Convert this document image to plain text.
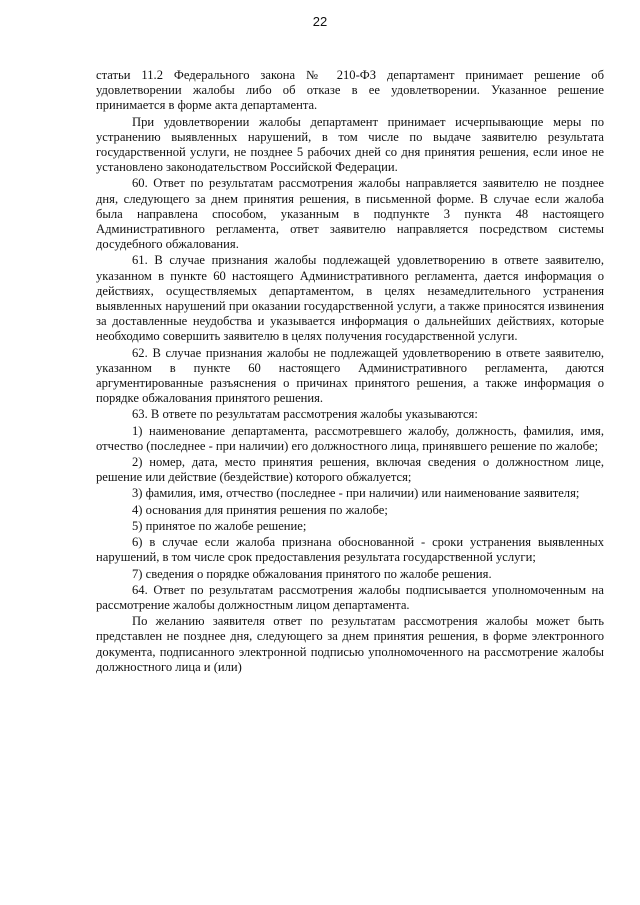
22

статьи 11.2 Федерального закона № 210-ФЗ департамент принимает решение об удовлетворении жалобы либо об отказе в ее удовлетворении. Указанное решение принимается в форме акта департамента.

При удовлетворении жалобы департамент принимает исчерпывающие меры по устранению выявленных нарушений, в том числе по выдаче заявителю результата государственной услуги, не позднее 5 рабочих дней со дня принятия решения, если иное не установлено законодательством Российской Федерации.

60. Ответ по результатам рассмотрения жалобы направляется заявителю не позднее дня, следующего за днем принятия решения, в письменной форме. В случае если жалоба была направлена способом, указанным в подпункте 3 пункта 48 настоящего Административного регламента, ответ заявителю направляется посредством системы досудебного обжалования.

61. В случае признания жалобы подлежащей удовлетворению в ответе заявителю, указанном в пункте 60 настоящего Административного регламента, дается информация о действиях, осуществляемых департаментом, в целях незамедлительного устранения выявленных нарушений при оказании государственной услуги, а также приносятся извинения за доставленные неудобства и указывается информация о дальнейших действиях, которые необходимо совершить заявителю в целях получения государственной услуги.

62. В случае признания жалобы не подлежащей удовлетворению в ответе заявителю, указанном в пункте 60 настоящего Административного регламента, даются аргументированные разъяснения о причинах принятого решения, а также информация о порядке обжалования принятого решения.

63. В ответе по результатам рассмотрения жалобы указываются:

1) наименование департамента, рассмотревшего жалобу, должность, фамилия, имя, отчество (последнее - при наличии) его должностного лица, принявшего решение по жалобе;

2) номер, дата, место принятия решения, включая сведения о должностном лице, решение или действие (бездействие) которого обжалуется;

3) фамилия, имя, отчество (последнее - при наличии) или наименование заявителя;

4) основания для принятия решения по жалобе;

5) принятое по жалобе решение;

6) в случае если жалоба признана обоснованной - сроки устранения выявленных нарушений, в том числе срок предоставления результата государственной услуги;

7) сведения о порядке обжалования принятого по жалобе решения.

64. Ответ по результатам рассмотрения жалобы подписывается уполномоченным на рассмотрение жалобы должностным лицом департамента.

По желанию заявителя ответ по результатам рассмотрения жалобы может быть представлен не позднее дня, следующего за днем принятия решения, в форме электронного документа, подписанного электронной подписью уполномоченного на рассмотрение жалобы должностного лица и (или)
